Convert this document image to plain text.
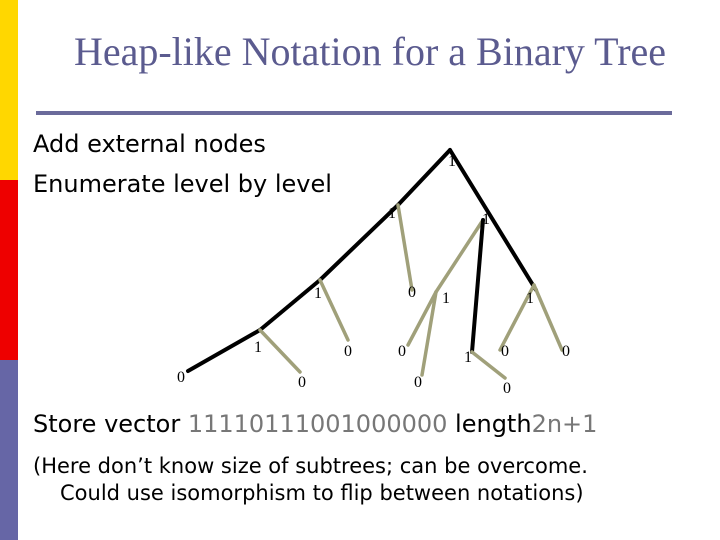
Heap-like Notation for a Binary Tree
Add external nodes
Enumerate level by level
1
1	1
1	0 1	1
1	0
0
1 0
0	0
0	0	0
Store vector 11110111001000000 length2n+1
(Here don’t know size of subtrees; can be overcome.
Could use isomorphism to flip between notations)
